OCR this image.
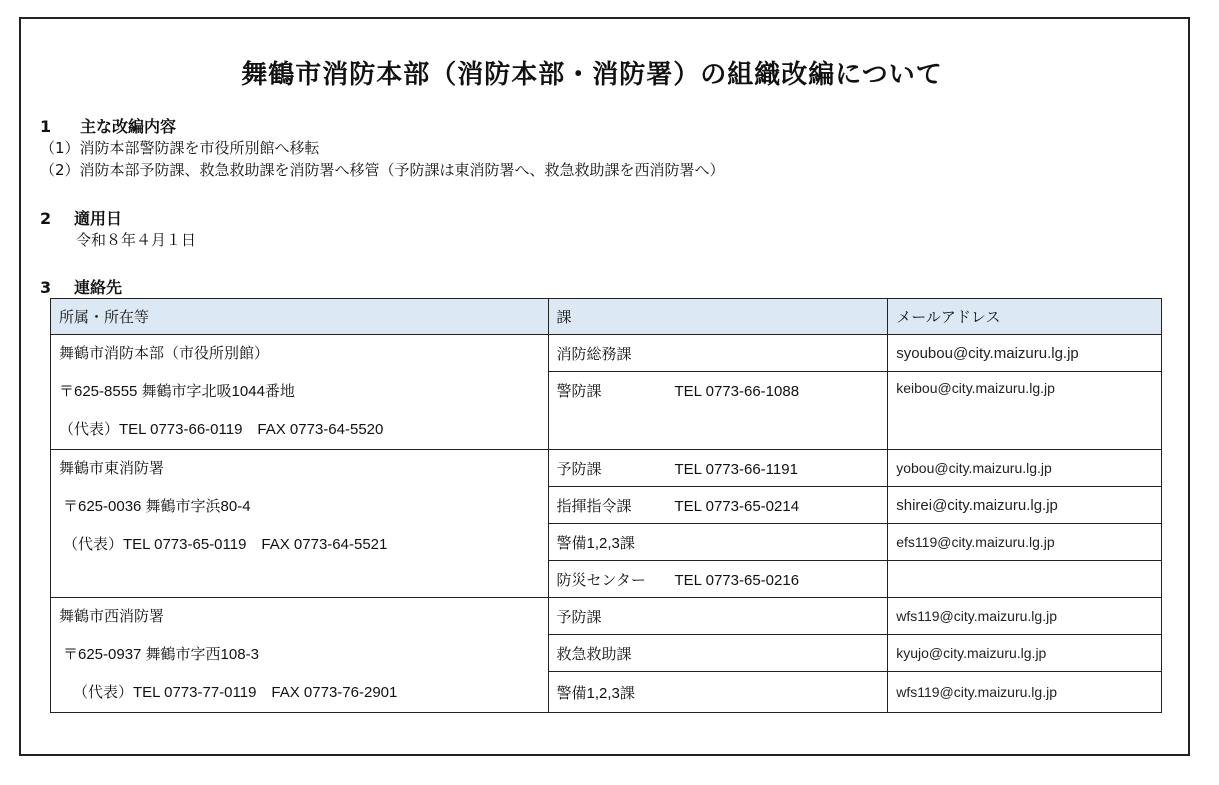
舞鶴市消防本部（消防本部・消防署）の組織改編について
1 主な改編内容
（1）消防本部警防課を市役所別館へ移転
（2）消防本部予防課、救急救助課を消防署へ移管（予防課は東消防署へ、救急救助課を西消防署へ）
2 適用日
令和８年４月１日
3 連絡先
所属・所在等	課	メールアドレス

舞鶴市消防本部（市役所別館）
〒625-8555 舞鶴市字北吸1044番地
（代表）TEL 0773-66-0119　FAX 0773-64-5520	消防総務課	syoubou@city.maizuru.lg.jp
	警防課 TEL 0773-66-1088	keibou@city.maizuru.lg.jp

舞鶴市東消防署
〒625-0036 舞鶴市字浜80-4
（代表）TEL 0773-65-0119　FAX 0773-64-5521	予防課 TEL 0773-66-1191	yobou@city.maizuru.lg.jp
	指揮指令課 TEL 0773-65-0214	shirei@city.maizuru.lg.jp
	警備1,2,3課	efs119@city.maizuru.lg.jp
	防災センター TEL 0773-65-0216	

舞鶴市西消防署
〒625-0937 舞鶴市字西108-3
（代表）TEL 0773-77-0119　FAX 0773-76-2901	予防課	wfs119@city.maizuru.lg.jp
	救急救助課	kyujo@city.maizuru.lg.jp
	警備1,2,3課	wfs119@city.maizuru.lg.jp
